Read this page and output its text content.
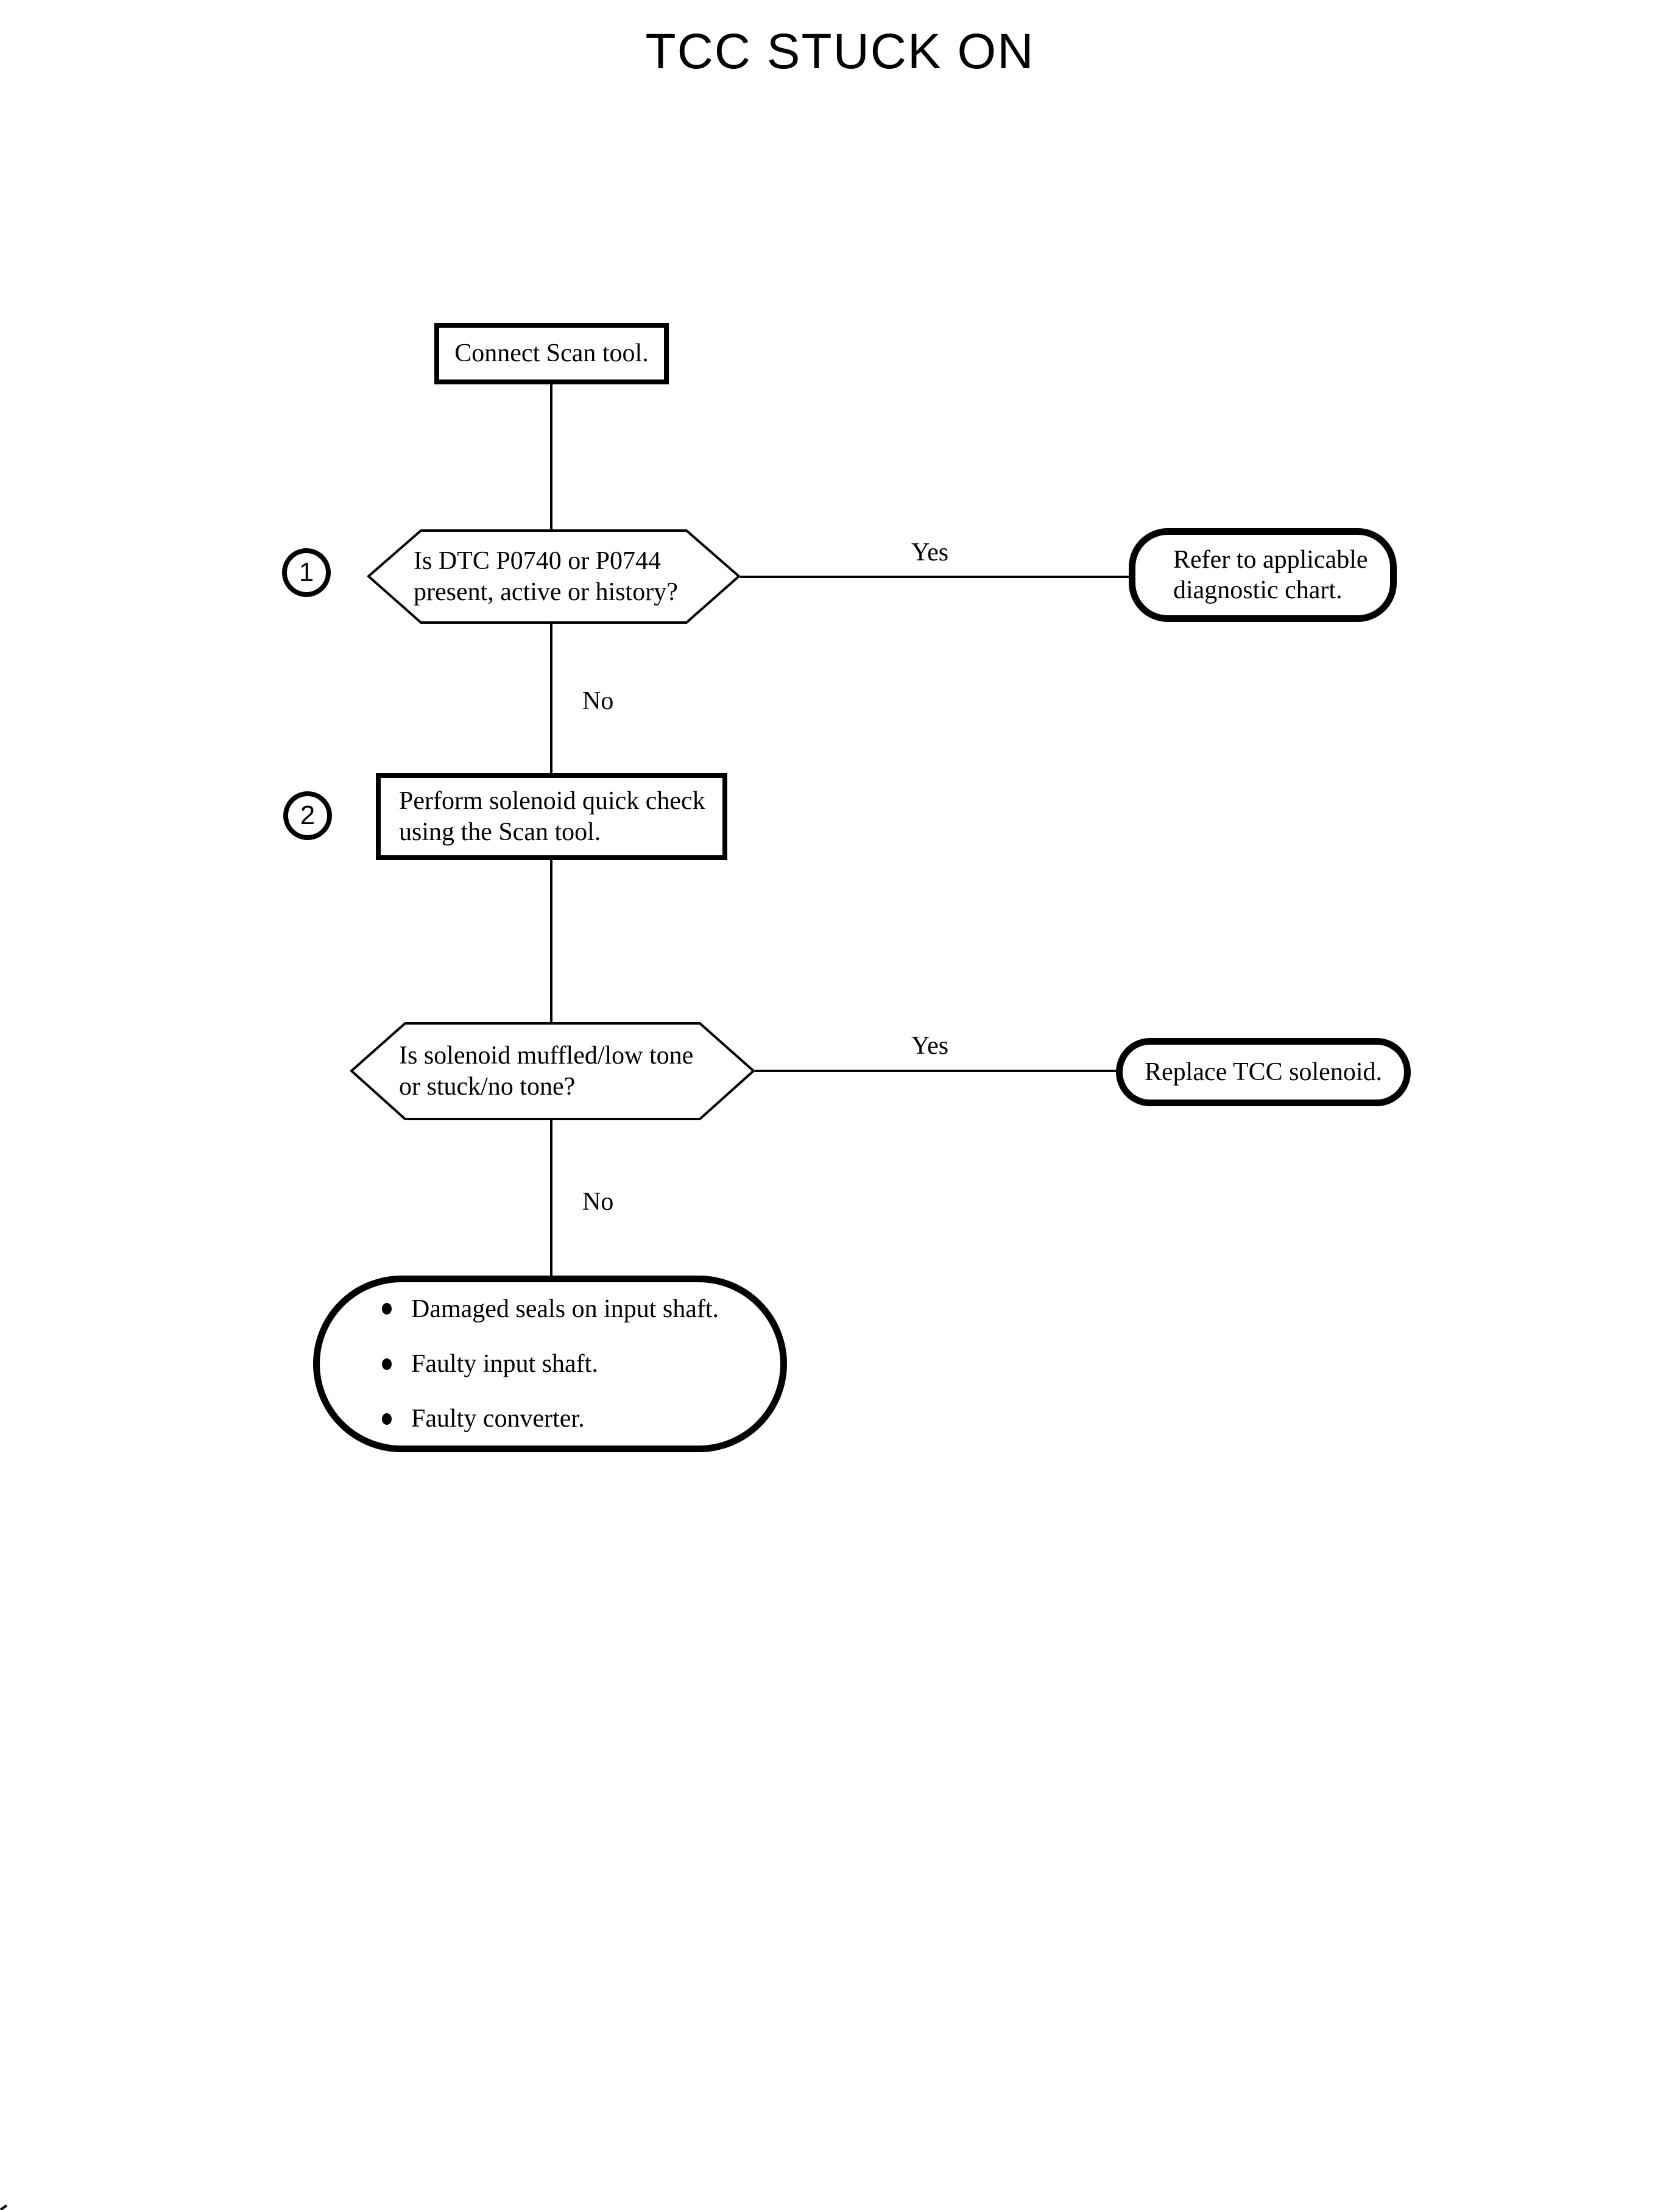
TCC STUCK ON
Connect Scan tool.
1	Is DTC P0740 or P0744
present, active or history?
Yes	Refer to applicable
diagnostic chart.
No
2	Perform solenoid quick check
using the Scan tool.
Is solenoid muffled/low tone
or stuck/no tone?
Yes
Replace TCC solenoid.
No
Damaged seals on input shaft.
Faulty input shaft.
Faulty converter.
